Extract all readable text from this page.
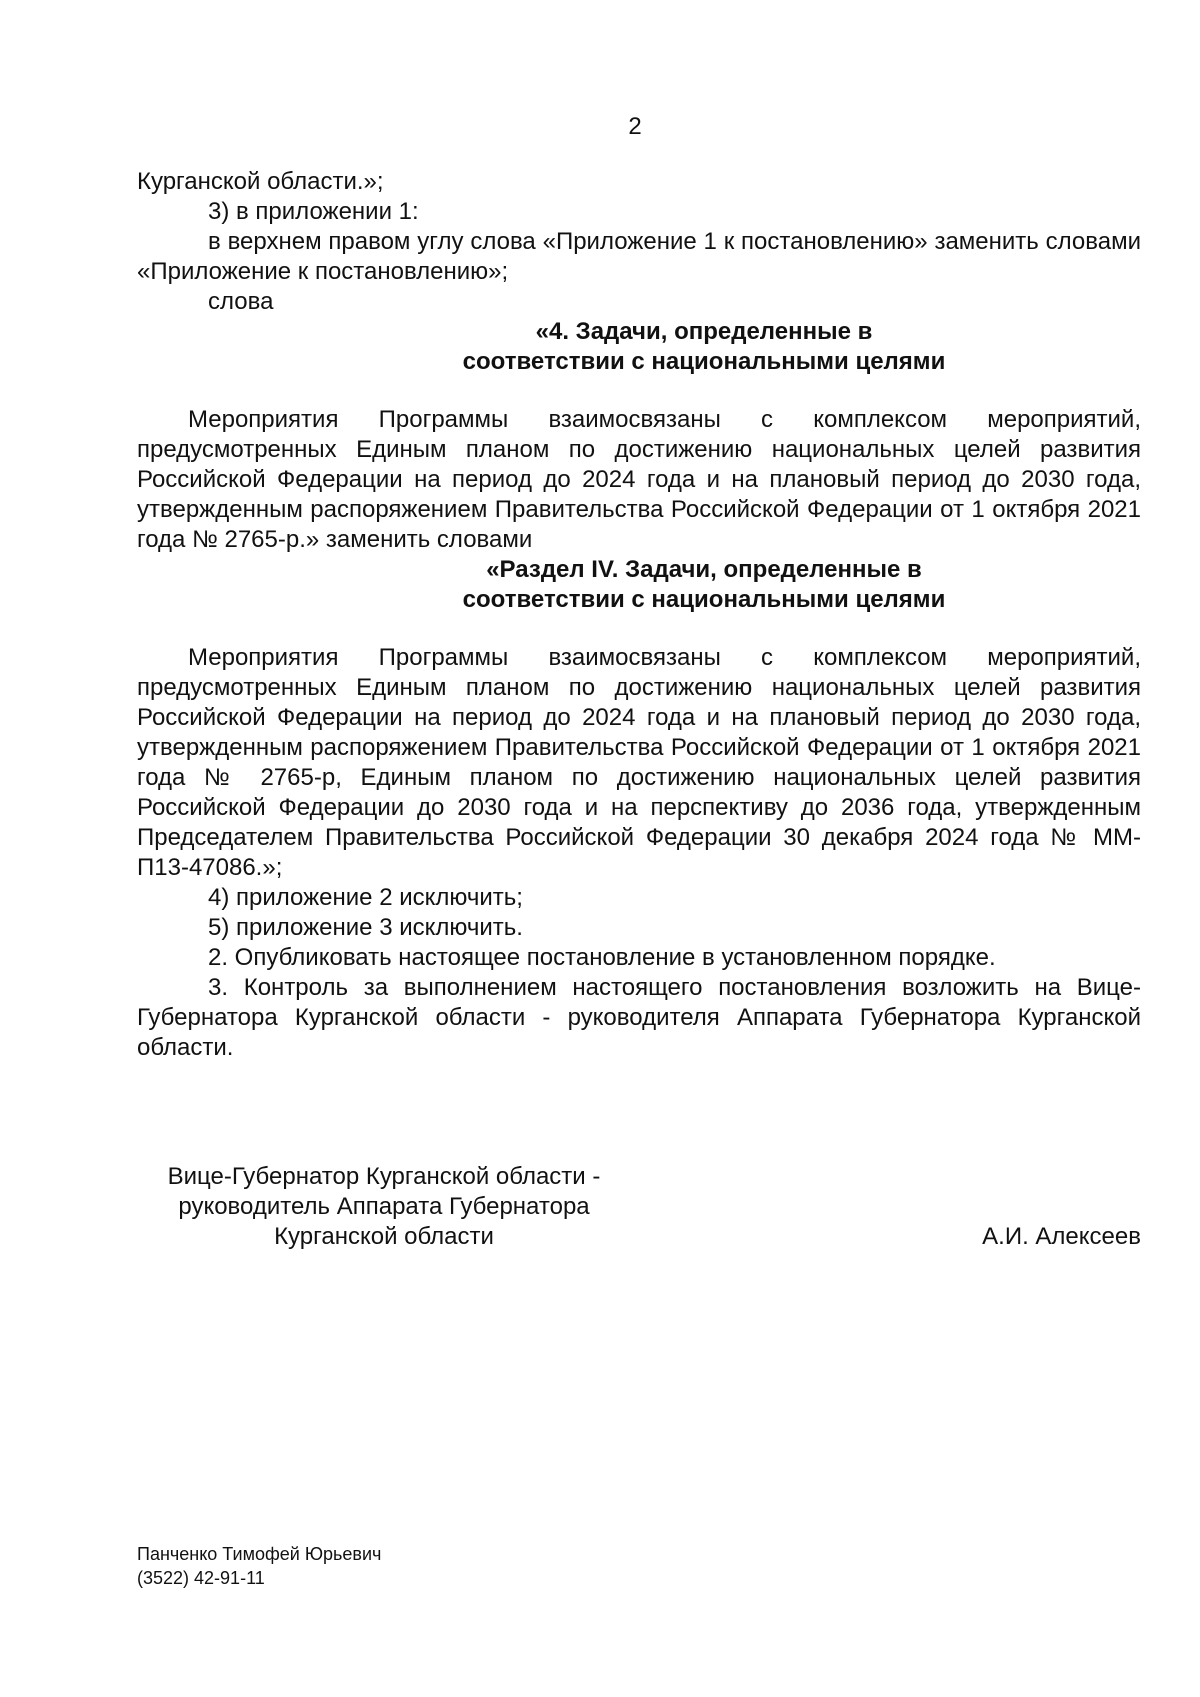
2

Курганской области.»;

3) в приложении 1:

в верхнем правом углу слова «Приложение 1 к постановлению» заменить словами «Приложение к постановлению»;

слова

«4. Задачи, определенные в

соответствии с национальными целями

Мероприятия Программы взаимосвязаны с комплексом мероприятий, предусмотренных Единым планом по достижению национальных целей развития Российской Федерации на период до 2024 года и на плановый период до 2030 года, утвержденным распоряжением Правительства Российской Федерации от 1 октября 2021 года № 2765-р.» заменить словами

«Раздел IV. Задачи, определенные в

соответствии с национальными целями

Мероприятия Программы взаимосвязаны с комплексом мероприятий, предусмотренных Единым планом по достижению национальных целей развития Российской Федерации на период до 2024 года и на плановый период до 2030 года, утвержденным распоряжением Правительства Российской Федерации от 1 октября 2021 года № 2765-р, Единым планом по достижению национальных целей развития Российской Федерации до 2030 года и на перспективу до 2036 года, утвержденным Председателем Правительства Российской Федерации 30 декабря 2024 года № ММ-П13-47086.»;

4) приложение 2 исключить;

5) приложение 3 исключить.

2. Опубликовать настоящее постановление в установленном порядке.

3. Контроль за выполнением настоящего постановления возложить на Вице-Губернатора Курганской области - руководителя Аппарата Губернатора Курганской области.

Вице-Губернатор Курганской области -
руководитель Аппарата Губернатора
Курганской области	А.И. Алексеев
Панченко Тимофей Юрьевич
(3522) 42-91-11
